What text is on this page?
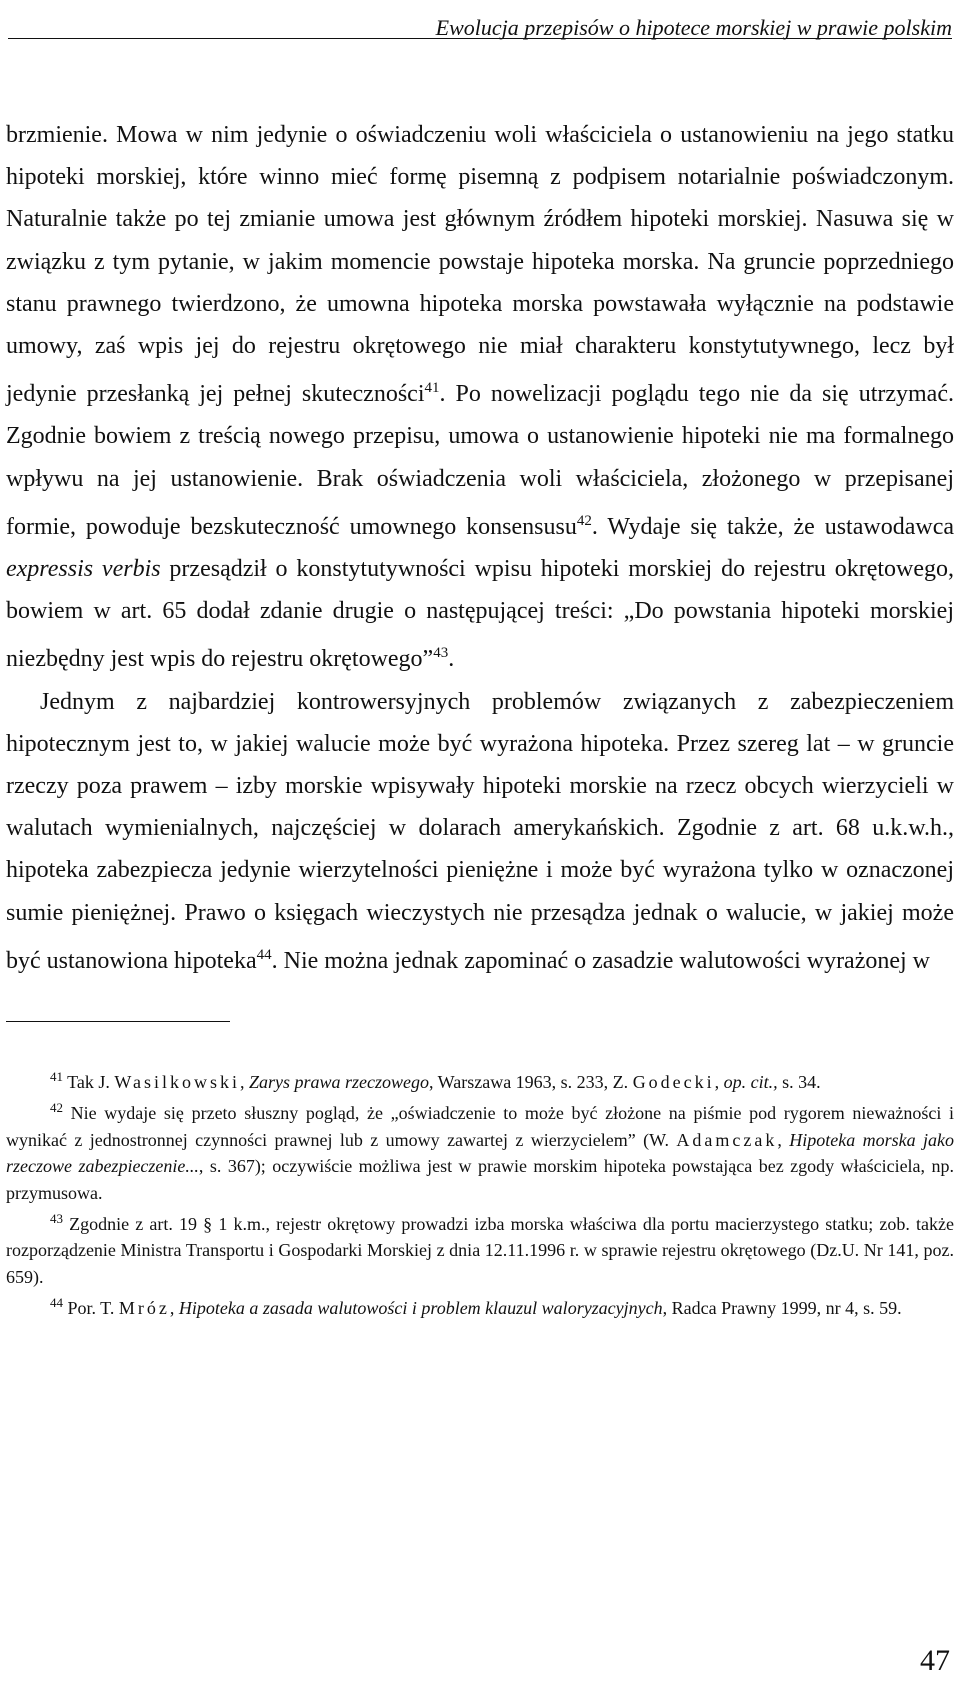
Ewolucja przepisów o hipotece morskiej w prawie polskim

brzmienie. Mowa w nim jedynie o oświadczeniu woli właściciela o ustanowieniu na jego statku hipoteki morskiej, które winno mieć formę pisemną z podpisem notarialnie poświadczonym. Naturalnie także po tej zmianie umowa jest głównym źródłem hipoteki morskiej. Nasuwa się w związku z tym pytanie, w jakim momencie powstaje hipoteka morska. Na gruncie poprzedniego stanu prawnego twierdzono, że umowna hipoteka morska powstawała wyłącznie na podstawie umowy, zaś wpis jej do rejestru okrętowego nie miał charakteru konstytutywnego, lecz był jedynie przesłanką jej pełnej skuteczności$^{41}$. Po nowelizacji poglądu tego nie da się utrzymać. Zgodnie bowiem z treścią nowego przepisu, umowa o ustanowienie hipoteki nie ma formalnego wpływu na jej ustanowienie. Brak oświadczenia woli właściciela, złożonego w przepisanej formie, powoduje bezskuteczność umownego konsensusu$^{42}$. Wydaje się także, że ustawodawca expressis verbis przesądził o konstytutywności wpisu hipoteki morskiej do rejestru okrętowego, bowiem w art. 65 dodał zdanie drugie o następującej treści: „Do powstania hipoteki morskiej niezbędny jest wpis do rejestru okrętowego”$^{43}$.

Jednym z najbardziej kontrowersyjnych problemów związanych z zabezpieczeniem hipotecznym jest to, w jakiej walucie może być wyrażona hipoteka. Przez szereg lat – w gruncie rzeczy poza prawem – izby morskie wpisywały hipoteki morskie na rzecz obcych wierzycieli w walutach wymienialnych, najczęściej w dolarach amerykańskich. Zgodnie z art. 68 u.k.w.h., hipoteka zabezpiecza jedynie wierzytelności pieniężne i może być wyrażona tylko w oznaczonej sumie pieniężnej. Prawo o księgach wieczystych nie przesądza jednak o walucie, w jakiej może być ustanowiona hipoteka$^{44}$. Nie można jednak zapominać o zasadzie walutowości wyrażonej w

$^{41}$ Tak J. Wasilkowski, Zarys prawa rzeczowego, Warszawa 1963, s. 233, Z. Godecki, op. cit., s. 34.

$^{42}$ Nie wydaje się przeto słuszny pogląd, że „oświadczenie to może być złożone na piśmie pod rygorem nieważności i wynikać z jednostronnej czynności prawnej lub z umowy zawartej z wierzycielem” (W. Adamczak, Hipoteka morska jako rzeczowe zabezpieczenie..., s. 367); oczywiście możliwa jest w prawie morskim hipoteka powstająca bez zgody właściciela, np. przymusowa.

$^{43}$ Zgodnie z art. 19 § 1 k.m., rejestr okrętowy prowadzi izba morska właściwa dla portu macierzystego statku; zob. także rozporządzenie Ministra Transportu i Gospodarki Morskiej z dnia 12.11.1996 r. w sprawie rejestru okrętowego (Dz.U. Nr 141, poz. 659).

$^{44}$ Por. T. Mróz, Hipoteka a zasada walutowości i problem klauzul waloryzacyjnych, Radca Prawny 1999, nr 4, s. 59.

47
